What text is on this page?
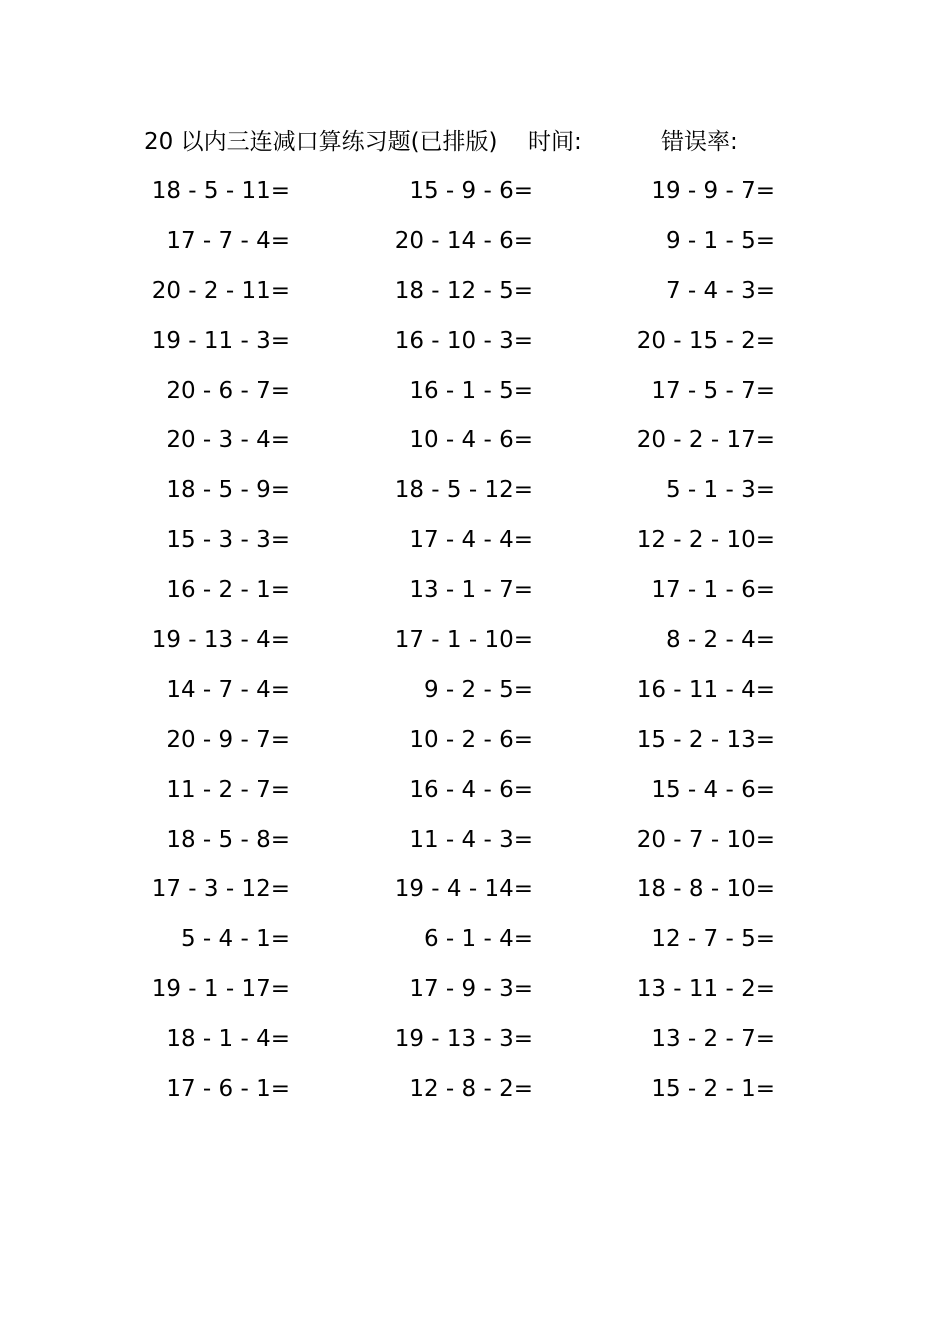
20 以内三连减口算练习题(已排版) 时间:	错误率:
18 - 5 - 11=	15 - 9 - 6=	19 - 9 - 7=
17 - 7 - 4=	20 - 14 - 6=	9 - 1 - 5=
20 - 2 - 11=	18 - 12 - 5=	7 - 4 - 3=
19 - 11 - 3=	16 - 10 - 3=	20 - 15 - 2=
20 - 6 - 7=	16 - 1 - 5=	17 - 5 - 7=
20 - 3 - 4=	10 - 4 - 6=	20 - 2 - 17=
18 - 5 - 9=	18 - 5 - 12=	5 - 1 - 3=
15 - 3 - 3=	17 - 4 - 4=	12 - 2 - 10=
16 - 2 - 1=	13 - 1 - 7=	17 - 1 - 6=
19 - 13 - 4=	17 - 1 - 10=	8 - 2 - 4=
14 - 7 - 4=	9 - 2 - 5=	16 - 11 - 4=
20 - 9 - 7=	10 - 2 - 6=	15 - 2 - 13=
11 - 2 - 7=	16 - 4 - 6=	15 - 4 - 6=
18 - 5 - 8=	11 - 4 - 3=	20 - 7 - 10=
17 - 3 - 12=	19 - 4 - 14=	18 - 8 - 10=
5 - 4 - 1=	6 - 1 - 4=	12 - 7 - 5=
19 - 1 - 17=	17 - 9 - 3=	13 - 11 - 2=
18 - 1 - 4=	19 - 13 - 3=	13 - 2 - 7=
17 - 6 - 1=	12 - 8 - 2=	15 - 2 - 1=
